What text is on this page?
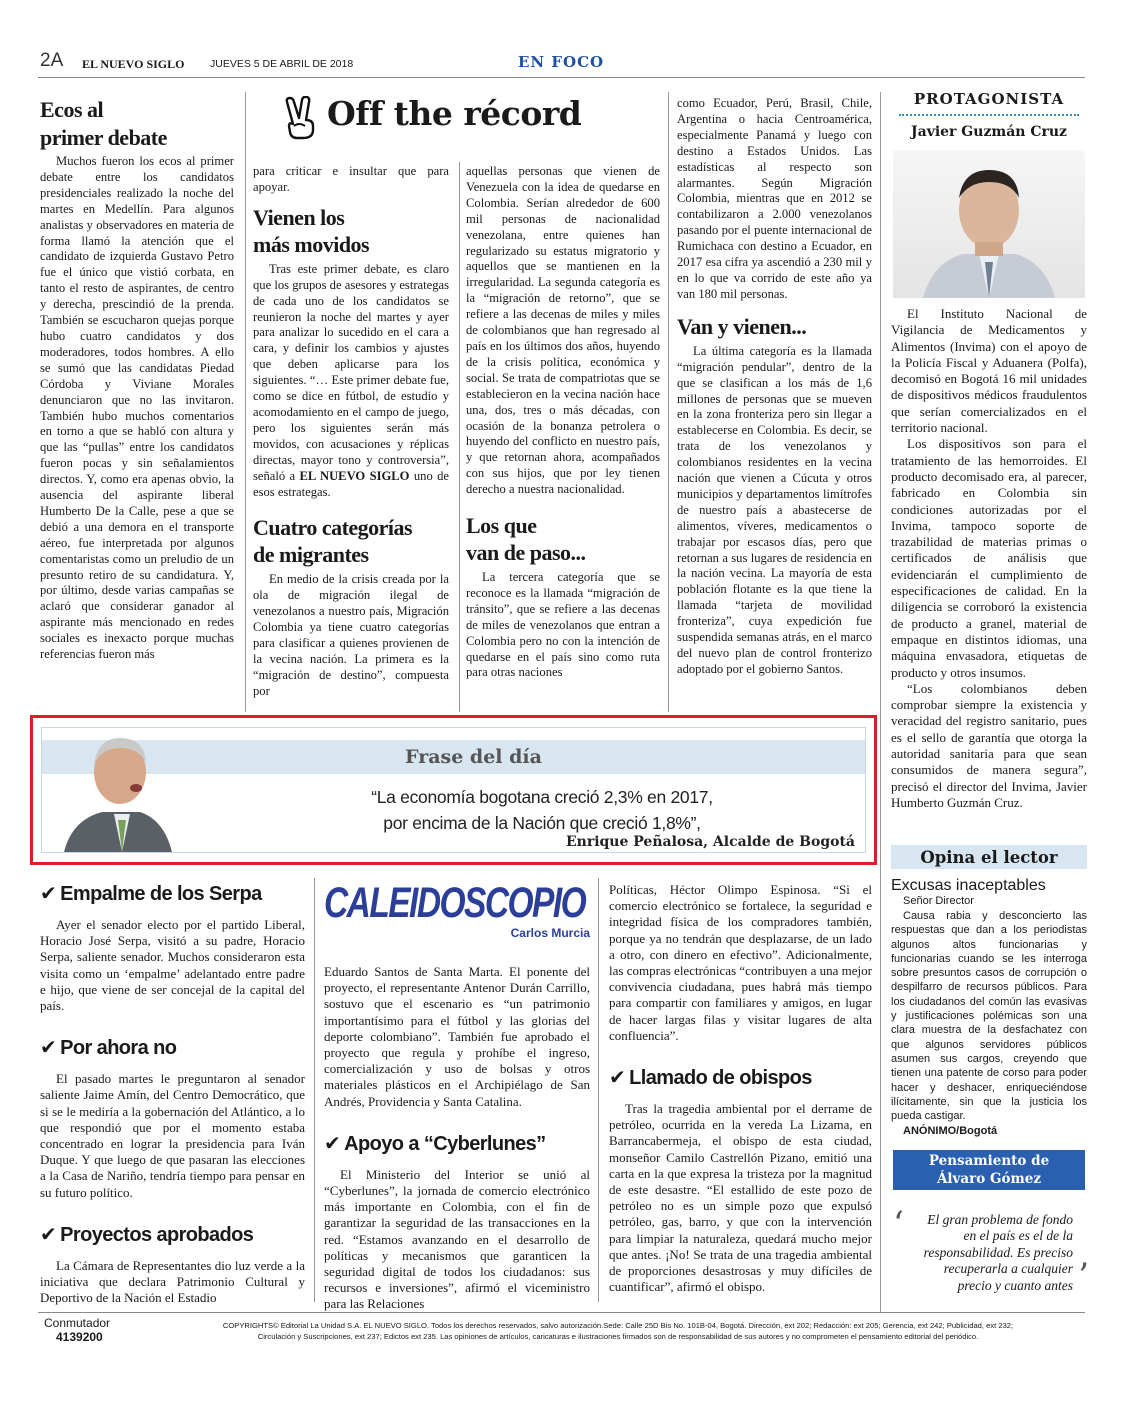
2A EL NUEVO SIGLO JUEVES 5 DE ABRIL DE 2018	EN FOCO
Ecos al
primer debate

Muchos fueron los ecos al primer debate entre los candidatos presidenciales realizado la noche del martes en Medellín. Para algunos analistas y observadores en materia de forma llamó la atención que el candidato de izquierda Gustavo Petro fue el único que vistió corbata, en tanto el resto de aspirantes, de centro y derecha, prescindió de la prenda. También se escucharon quejas porque hubo cuatro candidatos y dos moderadores, todos hombres. A ello se sumó que las candidatas Piedad Córdoba y Viviane Morales denunciaron que no las invitaron. También hubo muchos comentarios en torno a que se habló con altura y que las “pullas” entre los candidatos fueron pocas y sin señalamientos directos. Y, como era apenas obvio, la ausencia del aspirante liberal Humberto De la Calle, pese a que se debió a una demora en el transporte aéreo, fue interpretada por algunos comentaristas como un preludio de un presunto retiro de su candidatura. Y, por último, desde varias campañas se aclaró que considerar ganador al aspirante más mencionado en redes sociales es inexacto porque muchas referencias fueron más

Off the récord

para criticar e insultar que para apoyar.

Vienen los
más movidos

Tras este primer debate, es claro que los grupos de asesores y estrategas de cada uno de los candidatos se reunieron la noche del martes y ayer para analizar lo sucedido en el cara a cara, y definir los cambios y ajustes que deben aplicarse para los siguientes. “… Este primer debate fue, como se dice en fútbol, de estudio y acomodamiento en el campo de juego, pero los siguientes serán más movidos, con acusaciones y réplicas directas, mayor tono y controversia”, señaló a EL NUEVO SIGLO uno de esos estrategas.

Cuatro categorías
de migrantes

En medio de la crisis creada por la ola de migración ilegal de venezolanos a nuestro país, Migración Colombia ya tiene cuatro categorías para clasificar a quienes provienen de la vecina nación. La primera es la “migración de destino”, compuesta por

aquellas personas que vienen de Venezuela con la idea de quedarse en Colombia. Serían alrededor de 600 mil personas de nacionalidad venezolana, entre quienes han regularizado su estatus migratorio y aquellos que se mantienen en la irregularidad. La segunda categoría es la “migración de retorno”, que se refiere a las decenas de miles y miles de colombianos que han regresado al país en los últimos dos años, huyendo de la crisis política, económica y social. Se trata de compatriotas que se establecieron en la vecina nación hace una, dos, tres o más décadas, con ocasión de la bonanza petrolera o huyendo del conflicto en nuestro país, y que retornan ahora, acompañados con sus hijos, que por ley tienen derecho a nuestra nacionalidad.

Los que
van de paso...

La tercera categoría que se reconoce es la llamada “migración de tránsito”, que se refiere a las decenas de miles de venezolanos que entran a Colombia pero no con la intención de quedarse en el país sino como ruta para otras naciones

como Ecuador, Perú, Brasil, Chile, Argentina o hacia Centroamérica, especialmente Panamá y luego con destino a Estados Unidos. Las estadísticas al respecto son alarmantes. Según Migración Colombia, mientras que en 2012 se contabilizaron a 2.000 venezolanos pasando por el puente internacional de Rumichaca con destino a Ecuador, en 2017 esa cifra ya ascendió a 230 mil y en lo que va corrido de este año ya van 180 mil personas.

Van y vienen...

La última categoría es la llamada “migración pendular”, dentro de la que se clasifican a los más de 1,6 millones de personas que se mueven en la zona fronteriza pero sin llegar a establecerse en Colombia. Es decir, se trata de los venezolanos y colombianos residentes en la vecina nación que vienen a Cúcuta y otros municipios y departamentos limítrofes de nuestro país a abastecerse de alimentos, víveres, medicamentos o trabajar por escasos días, pero que retornan a sus lugares de residencia en la nación vecina. La mayoría de esta población flotante es la que tiene la llamada “tarjeta de movilidad fronteriza”, cuya expedición fue suspendida semanas atrás, en el marco del nuevo plan de control fronterizo adoptado por el gobierno Santos.

PROTAGONISTA
Javier Guzmán Cruz

El Instituto Nacional de Vigilancia de Medicamentos y Alimentos (Invima) con el apoyo de la Policía Fiscal y Aduanera (Polfa), decomisó en Bogotá 16 mil unidades de dispositivos médicos fraudulentos que serían comercializados en el territorio nacional.

Los dispositivos son para el tratamiento de las hemorroides. El producto decomisado era, al parecer, fabricado en Colombia sin condiciones autorizadas por el Invima, tampoco soporte de trazabilidad de materias primas o certificados de análisis que evidenciarán el cumplimiento de especificaciones de calidad. En la diligencia se corroboró la existencia de producto a granel, material de empaque en distintos idiomas, una máquina envasadora, etiquetas de producto y otros insumos.

“Los colombianos deben comprobar siempre la existencia y veracidad del registro sanitario, pues es el sello de garantía que otorga la autoridad sanitaria para que sean consumidos de manera segura”, precisó el director del Invima, Javier Humberto Guzmán Cruz.

Frase del día
“La economía bogotana creció 2,3% en 2017,
por encima de la Nación que creció 1,8%”,
Enrique Peñalosa, Alcalde de Bogotá
✔ Empalme de los Serpa

Ayer el senador electo por el partido Liberal, Horacio José Serpa, visitó a su padre, Horacio Serpa, saliente senador. Muchos consideraron esta visita como un ‘empalme’ adelantado entre padre e hijo, que viene de ser concejal de la capital del país.

✔ Por ahora no

El pasado martes le preguntaron al senador saliente Jaime Amín, del Centro Democrático, que si se le mediría a la gobernación del Atlántico, a lo que respondió que por el momento estaba concentrado en lograr la presidencia para Iván Duque. Y que luego de que pasaran las elecciones a la Casa de Nariño, tendría tiempo para pensar en su futuro político.

✔ Proyectos aprobados

La Cámara de Representantes dio luz verde a la iniciativa que declara Patrimonio Cultural y Deportivo de la Nación el Estadio

CALEIDOSCOPIO
Carlos Murcia

Eduardo Santos de Santa Marta. El ponente del proyecto, el representante Antenor Durán Carrillo, sostuvo que el escenario es “un patrimonio importantísimo para el fútbol y las glorias del deporte colombiano”. También fue aprobado el proyecto que regula y prohíbe el ingreso, comercialización y uso de bolsas y otros materiales plásticos en el Archipiélago de San Andrés, Providencia y Santa Catalina.

✔ Apoyo a “Cyberlunes”

El Ministerio del Interior se unió al “Cyberlunes”, la jornada de comercio electrónico más importante en Colombia, con el fin de garantizar la seguridad de las transacciones en la red. “Estamos avanzando en el desarrollo de políticas y mecanismos que garanticen la seguridad digital de todos los ciudadanos: sus recursos e inversiones”, afirmó el viceministro para las Relaciones

Políticas, Héctor Olimpo Espinosa. “Si el comercio electrónico se fortalece, la seguridad e integridad física de los compradores también, porque ya no tendrán que desplazarse, de un lado a otro, con dinero en efectivo”. Adicionalmente, las compras electrónicas “contribuyen a una mejor convivencia ciudadana, pues habrá más tiempo para compartir con familiares y amigos, en lugar de hacer largas filas y visitar lugares de alta confluencia”.

✔ Llamado de obispos

Tras la tragedia ambiental por el derrame de petróleo, ocurrida en la vereda La Lizama, en Barrancabermeja, el obispo de esta ciudad, monseñor Camilo Castrellón Pizano, emitió una carta en la que expresa la tristeza por la magnitud de este desastre. “El estallido de este pozo de petróleo no es un simple pozo que expulsó petróleo, gas, barro, y que con la intervención para limpiar la naturaleza, quedará mucho mejor que antes. ¡No! Se trata de una tragedia ambiental de proporciones desastrosas y muy difíciles de cuantificar”, afirmó el obispo.

Opina el lector
Excusas inaceptables
Señor Director

Causa rabia y desconcierto las respuestas que dan a los periodistas algunos altos funcionarias y funcionarias cuando se les interroga sobre presuntos casos de corrupción o despilfarro de recursos públicos. Para los ciudadanos del común las evasivas y justificaciones polémicas son una clara muestra de la desfachatez con que algunos servidores públicos asumen sus cargos, creyendo que tienen una patente de corso para poder hacer y deshacer, enriqueciéndose ilícitamente, sin que la justicia los pueda castigar.

ANÓNIMO/Bogotá
Pensamiento de
Álvaro Gómez
‘	El gran problema de fondo en el país es el de la responsabilidad. Es preciso recuperarla a cualquier precio y cuanto antes ’
Conmutador
4139200
COPYRIGHTS© Editorial La Unidad S.A. EL NUEVO SIGLO. Todos los derechos reservados, salvo autorización.Sede: Calle 25D Bis No. 101B-04, Bogotá. Dirección, ext 202; Redacción: ext 205; Gerencia, ext 242; Publicidad, ext 232;
Circulación y Suscripciones, ext 237; Edictos ext 235. Las opiniones de artículos, caricaturas e ilustraciones firmados son de responsabilidad de sus autores y no comprometen el pensamiento editorial del periódico.
